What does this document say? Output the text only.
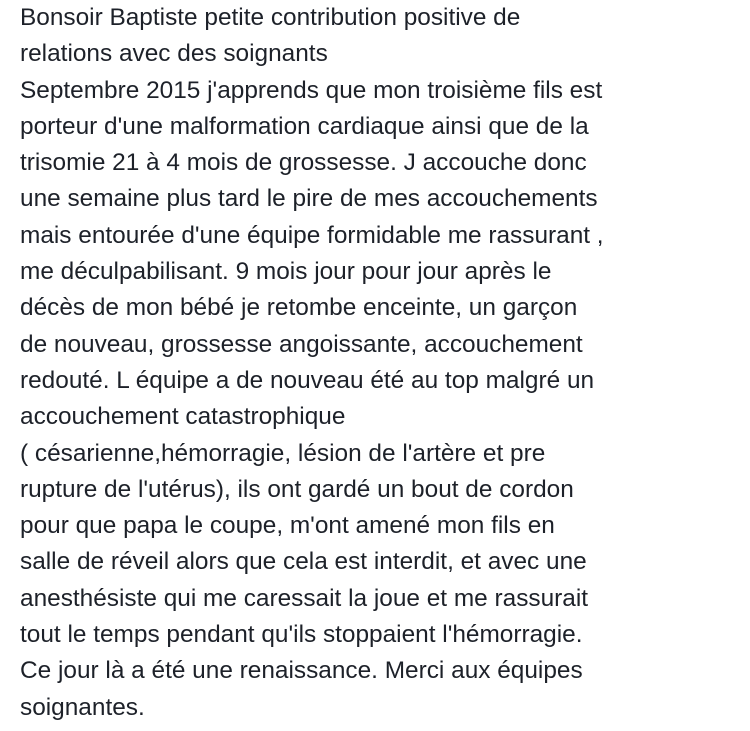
Bonsoir Baptiste petite contribution positive de
relations avec des soignants
Septembre 2015 j'apprends que mon troisième fils est
porteur d'une malformation cardiaque ainsi que de la
trisomie 21 à 4 mois de grossesse. J accouche donc
une semaine plus tard le pire de mes accouchements
mais entourée d'une équipe formidable me rassurant ,
me déculpabilisant. 9 mois jour pour jour après le
décès de mon bébé je retombe enceinte, un garçon
de nouveau, grossesse angoissante, accouchement
redouté. L équipe a de nouveau été au top malgré un
accouchement catastrophique
( césarienne,hémorragie, lésion de l'artère et pre
rupture de l'utérus), ils ont gardé un bout de cordon
pour que papa le coupe, m'ont amené mon fils en
salle de réveil alors que cela est interdit, et avec une
anesthésiste qui me caressait la joue et me rassurait
tout le temps pendant qu'ils stoppaient l'hémorragie.
Ce jour là a été une renaissance. Merci aux équipes
soignantes.
